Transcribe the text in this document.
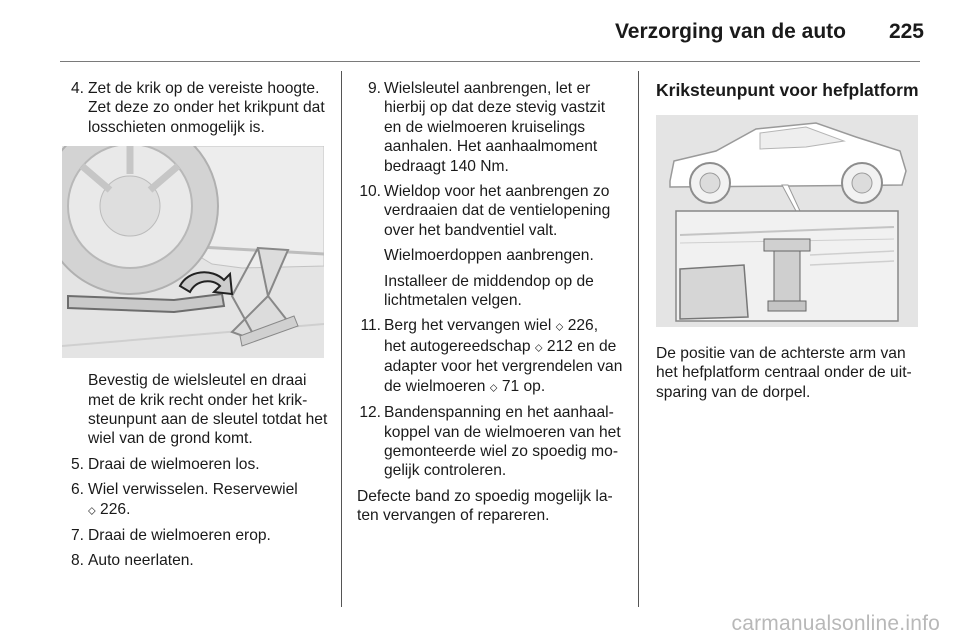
Verzorging van de auto	225
4. Zet de krik op de vereiste hoogte. Zet deze zo onder het krikpunt dat losschieten onmogelijk is.
Bevestig de wielsleutel en draai met de krik recht onder het kriksteunpunt aan de sleutel totdat het wiel van de grond komt.
5. Draai de wielmoeren los.
6. Wiel verwisselen. Reservewiel
⬦ 226.
7. Draai de wielmoeren erop.
8. Auto neerlaten.
9. Wielsleutel aanbrengen, let er hierbij op dat deze stevig vastzit en de wielmoeren kruiselings aanhalen. Het aanhaalmoment bedraagt 140 Nm.
10. Wieldop voor het aanbrengen zo verdraaien dat de ventielopening over het bandventiel valt.
Wielmoerdoppen aanbrengen.
Installeer de middendop op de lichtmetalen velgen.
11. Berg het vervangen wiel ⬦ 226, het autogereedschap ⬦ 212 en de adapter voor het vergrendelen van de wielmoeren ⬦ 71 op.
12. Bandenspanning en het aanhaalkoppel van de wielmoeren van het gemonteerde wiel zo spoedig mogelijk controleren.
Defecte band zo spoedig mogelijk laten vervangen of repareren.
Kriksteunpunt voor hefplatform
De positie van de achterste arm van het hefplatform centraal onder de uitsparing van de dorpel.
carmanualsonline.info
